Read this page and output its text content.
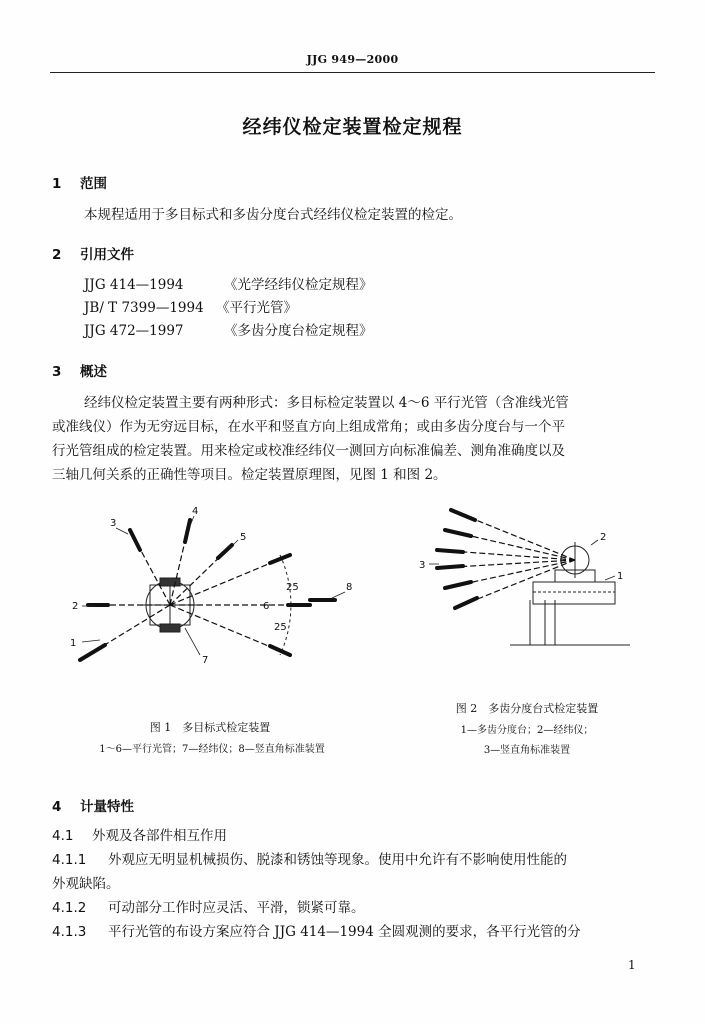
JJG 949—2000
经纬仪检定装置检定规程
1 范围
本规程适用于多目标式和多齿分度台式经纬仪检定装置的检定。
2 引用文件
JJG 414—1994	《光学经纬仪检定规程》
JB/ T 7399—1994 《平行光管》
JJG 472—1997	《多齿分度台检定规程》
3 概述
经纬仪检定装置主要有两种形式：多目标检定装置以 4～6 平行光管（含准线光管
或准线仪）作为无穷远目标，在水平和竖直方向上组成常角；或由多齿分度台与一个平
行光管组成的检定装置。用来检定或校准经纬仪一测回方向标准偏差、测角准确度以及
三轴几何关系的正确性等项目。检定装置原理图，见图 1 和图 2。
1
2
3
4
5
6
7
8
25
25
2
1
3
图 2　多齿分度台式检定装置
1—多齿分度台；2—经纬仪；
3—竖直角标准装置
图 1　多目标式检定装置
1～6—平行光管；7—经纬仪；8—竖直角标准装置
4 计量特性
4.1 外观及各部件相互作用
4.1.1 外观应无明显机械损伤、脱漆和锈蚀等现象。使用中允许有不影响使用性能的
外观缺陷。
4.1.2 可动部分工作时应灵活、平滑，锁紧可靠。
4.1.3 平行光管的布设方案应符合 JJG 414—1994 全圆观测的要求，各平行光管的分
1
